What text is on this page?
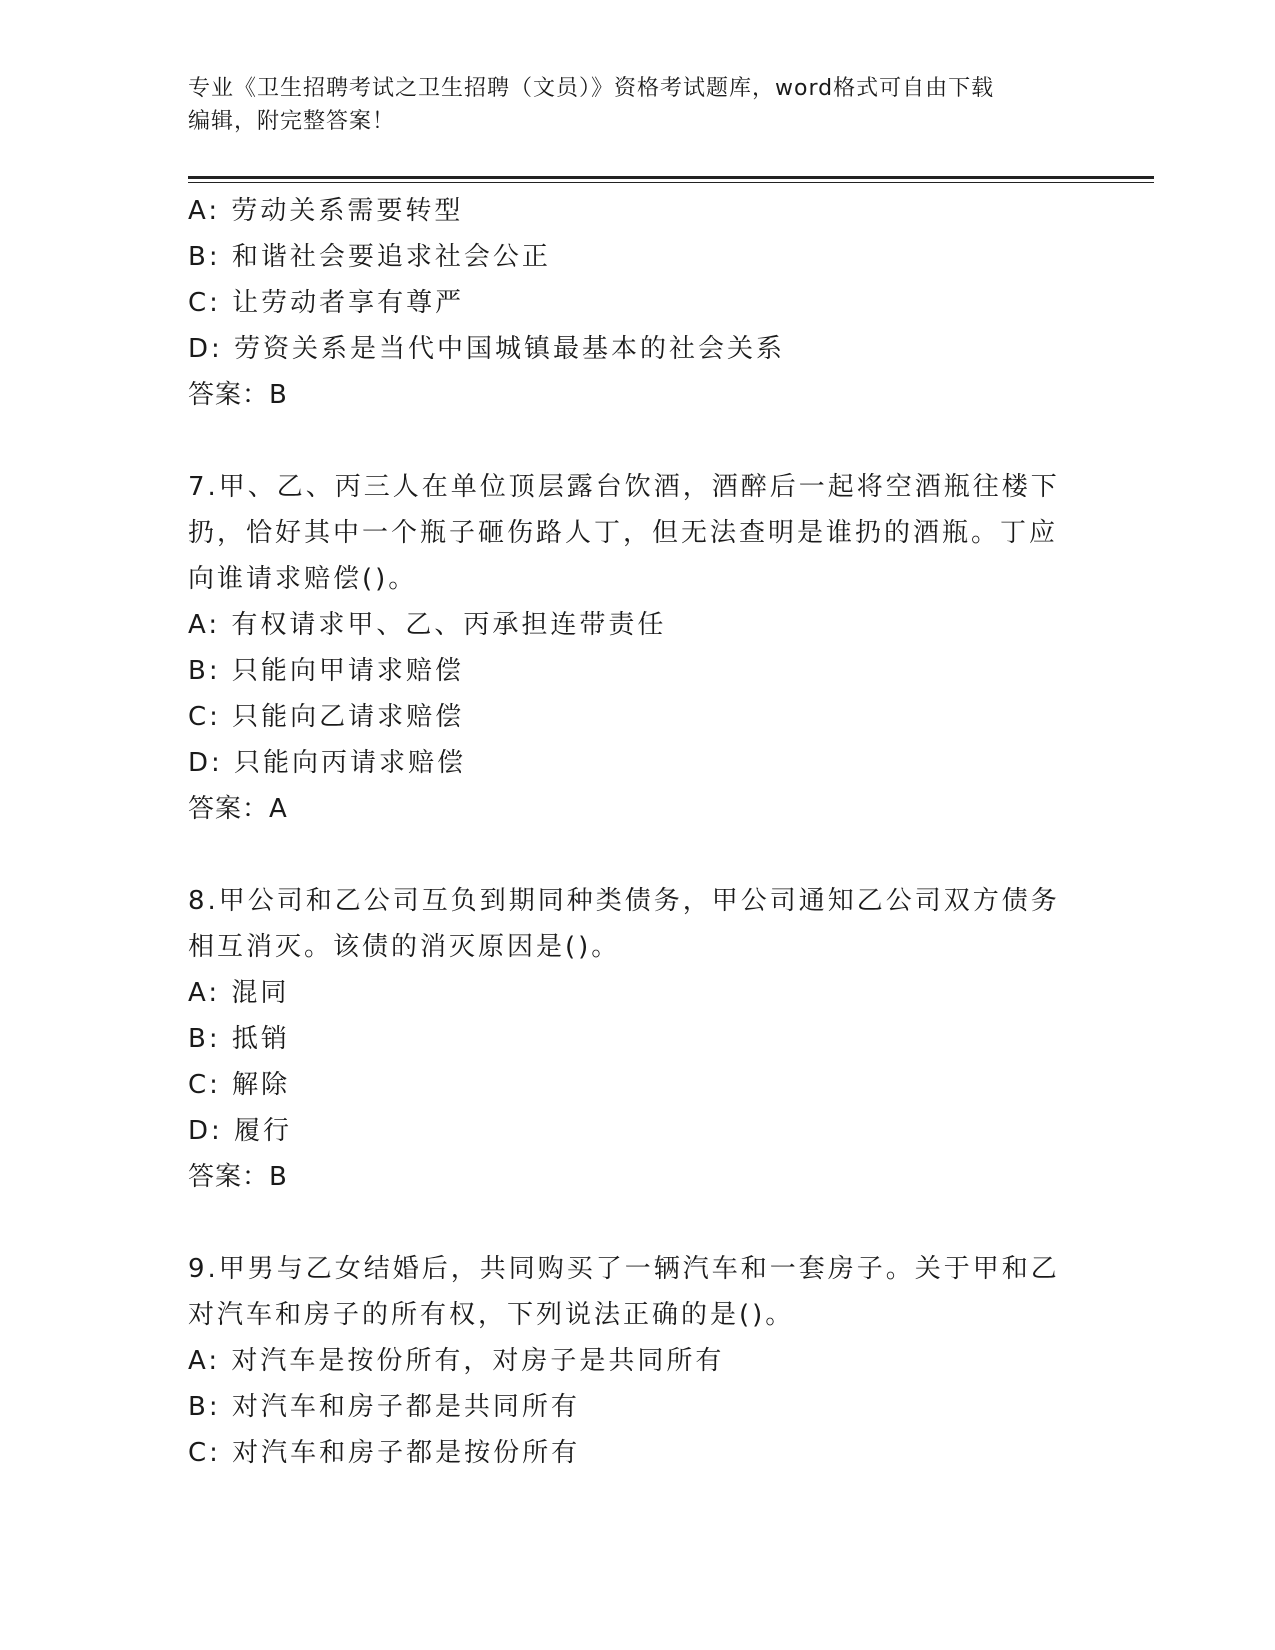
专业《卫生招聘考试之卫生招聘（文员）》资格考试题库，word格式可自由下载
编辑，附完整答案！
A: 劳动关系需要转型
B: 和谐社会要追求社会公正
C: 让劳动者享有尊严
D: 劳资关系是当代中国城镇最基本的社会关系
答案：B
7.甲、乙、丙三人在单位顶层露台饮酒，酒醉后一起将空酒瓶往楼下
扔，恰好其中一个瓶子砸伤路人丁，但无法查明是谁扔的酒瓶。丁应
向谁请求赔偿()。
A: 有权请求甲、乙、丙承担连带责任
B: 只能向甲请求赔偿
C: 只能向乙请求赔偿
D: 只能向丙请求赔偿
答案：A
8.甲公司和乙公司互负到期同种类债务，甲公司通知乙公司双方债务
相互消灭。该债的消灭原因是()。
A: 混同
B: 抵销
C: 解除
D: 履行
答案：B
9.甲男与乙女结婚后，共同购买了一辆汽车和一套房子。关于甲和乙
对汽车和房子的所有权，下列说法正确的是()。
A: 对汽车是按份所有，对房子是共同所有
B: 对汽车和房子都是共同所有
C: 对汽车和房子都是按份所有
